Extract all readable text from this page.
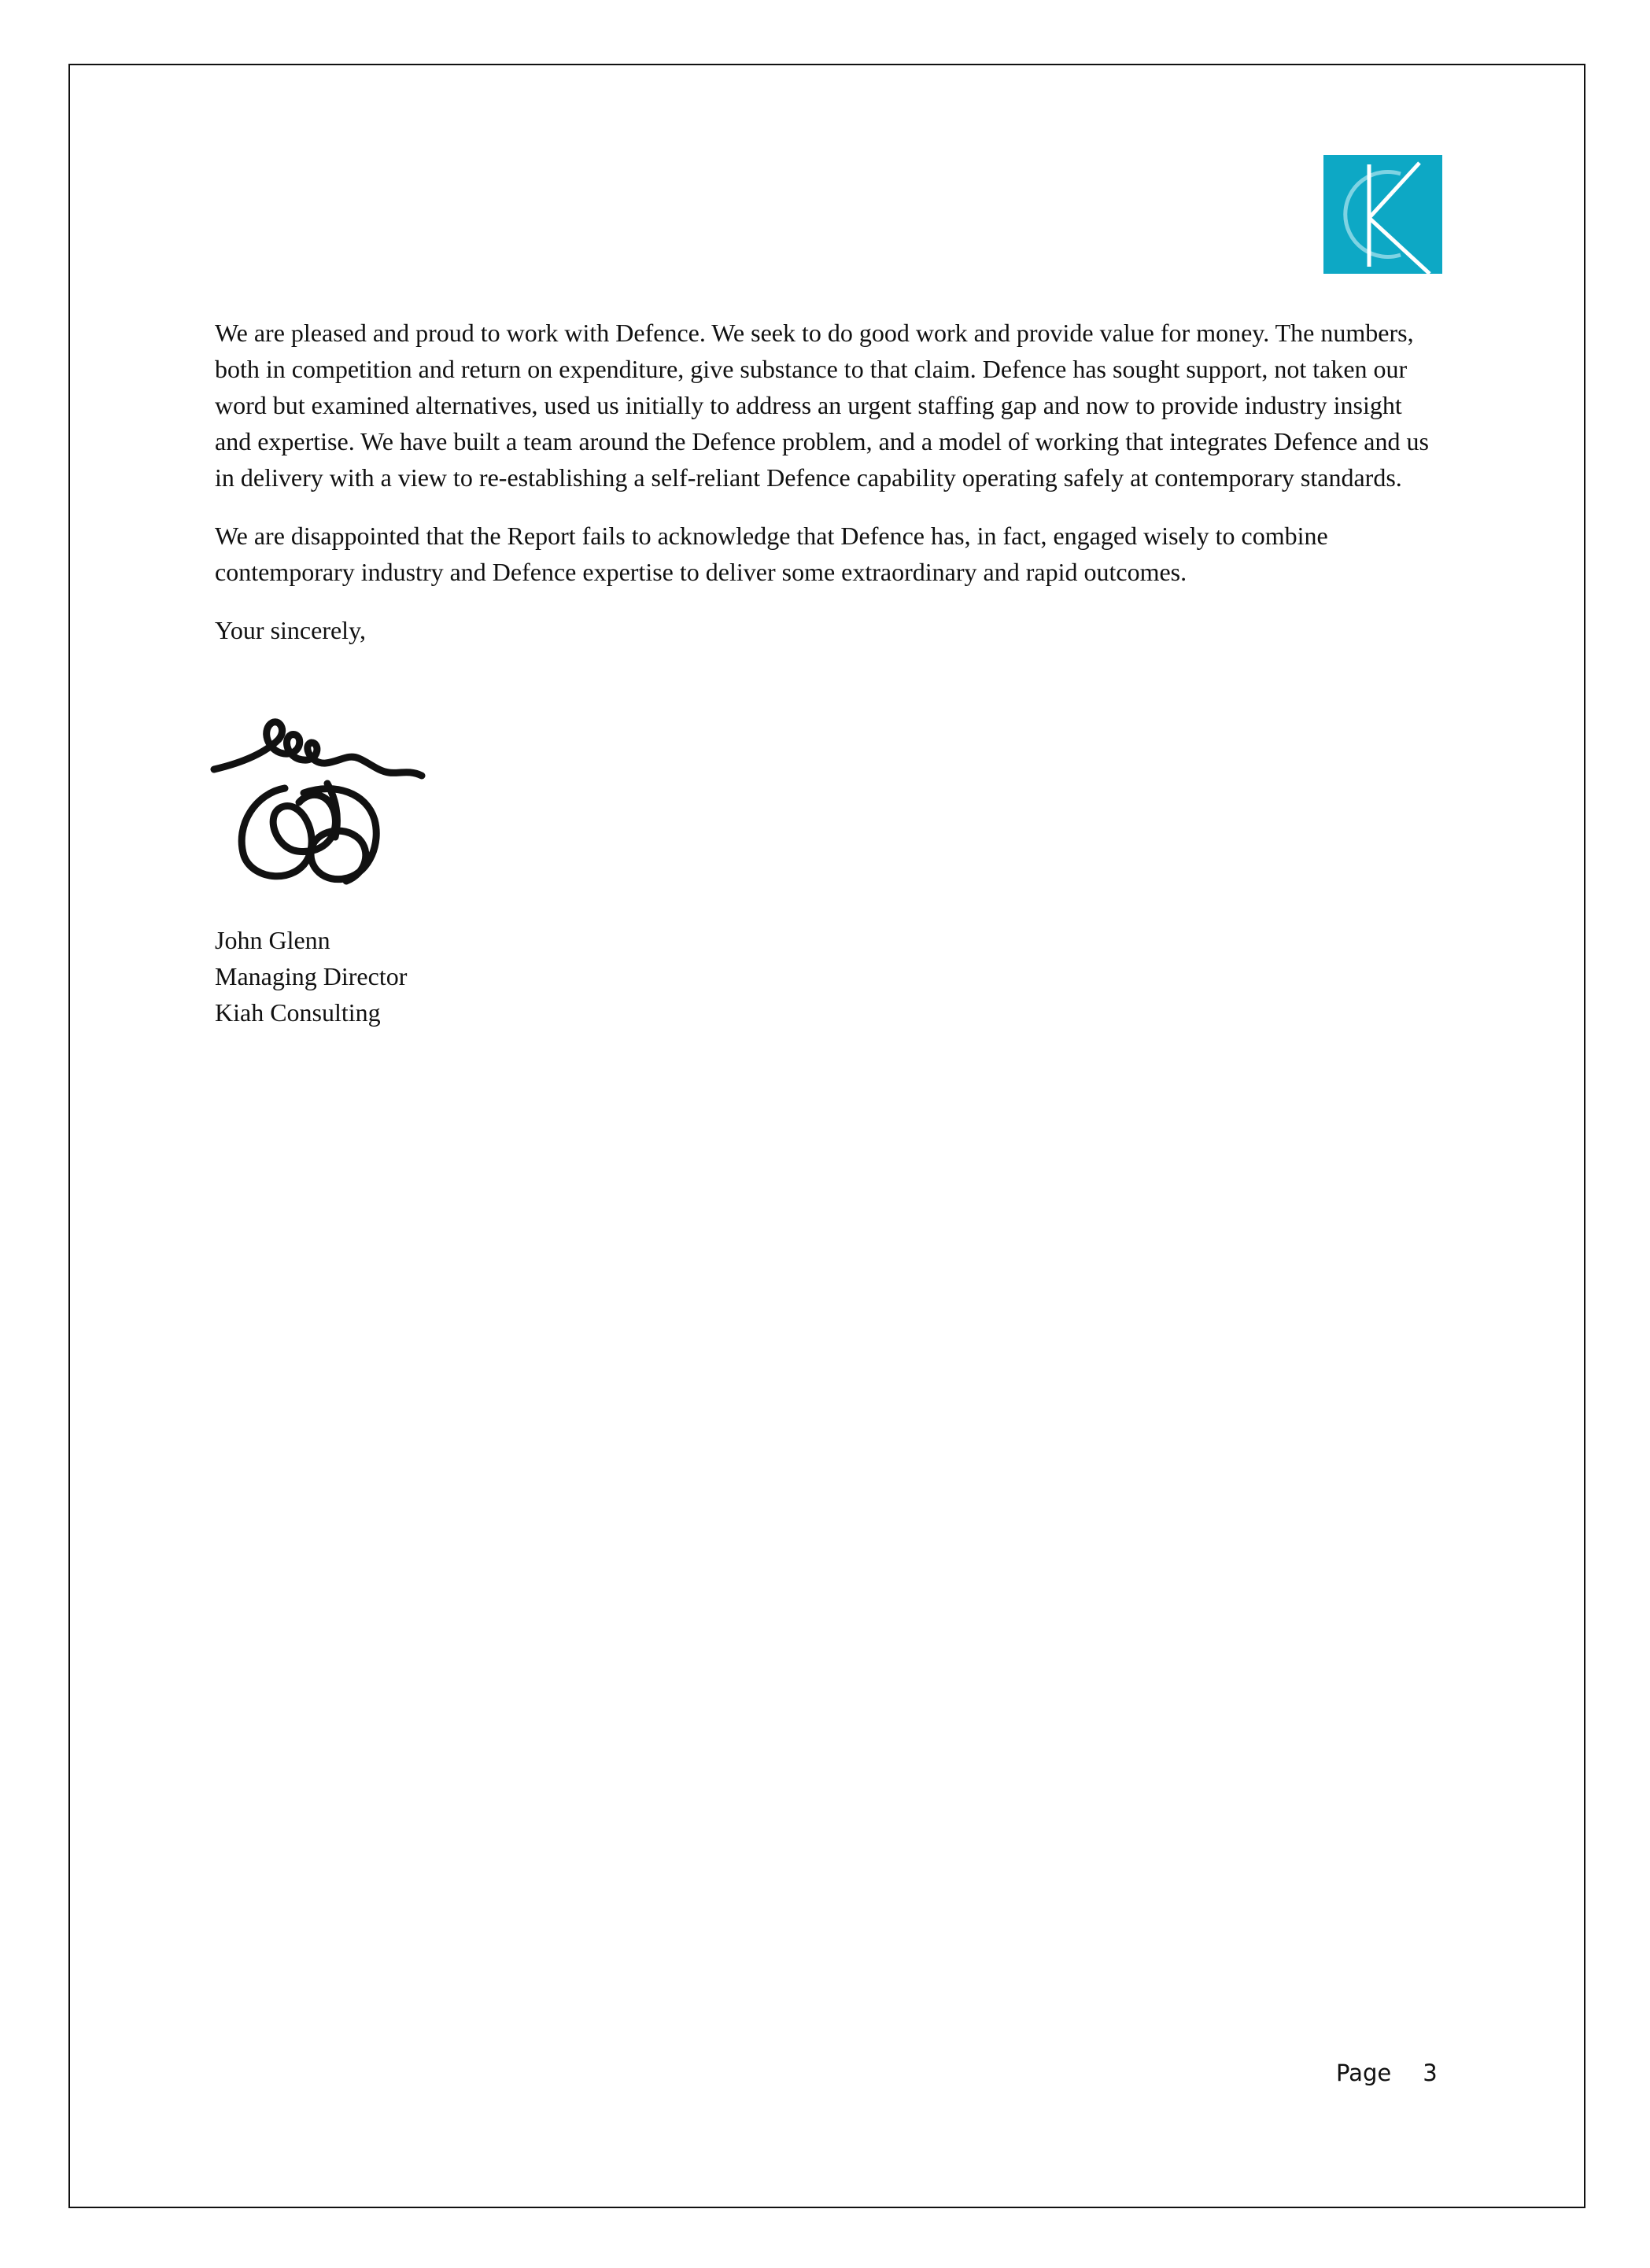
We are pleased and proud to work with Defence. We seek to do good work and provide value for money. The numbers, both in competition and return on expenditure, give substance to that claim. Defence has sought support, not taken our word but examined alternatives, used us initially to address an urgent staffing gap and now to provide industry insight and expertise. We have built a team around the Defence problem, and a model of working that integrates Defence and us in delivery with a view to re-establishing a self-reliant Defence capability operating safely at contemporary standards.

We are disappointed that the Report fails to acknowledge that Defence has, in fact, engaged wisely to combine contemporary industry and Defence expertise to deliver some extraordinary and rapid outcomes.

Your sincerely,

John Glenn
Managing Director
Kiah Consulting
Page 3
